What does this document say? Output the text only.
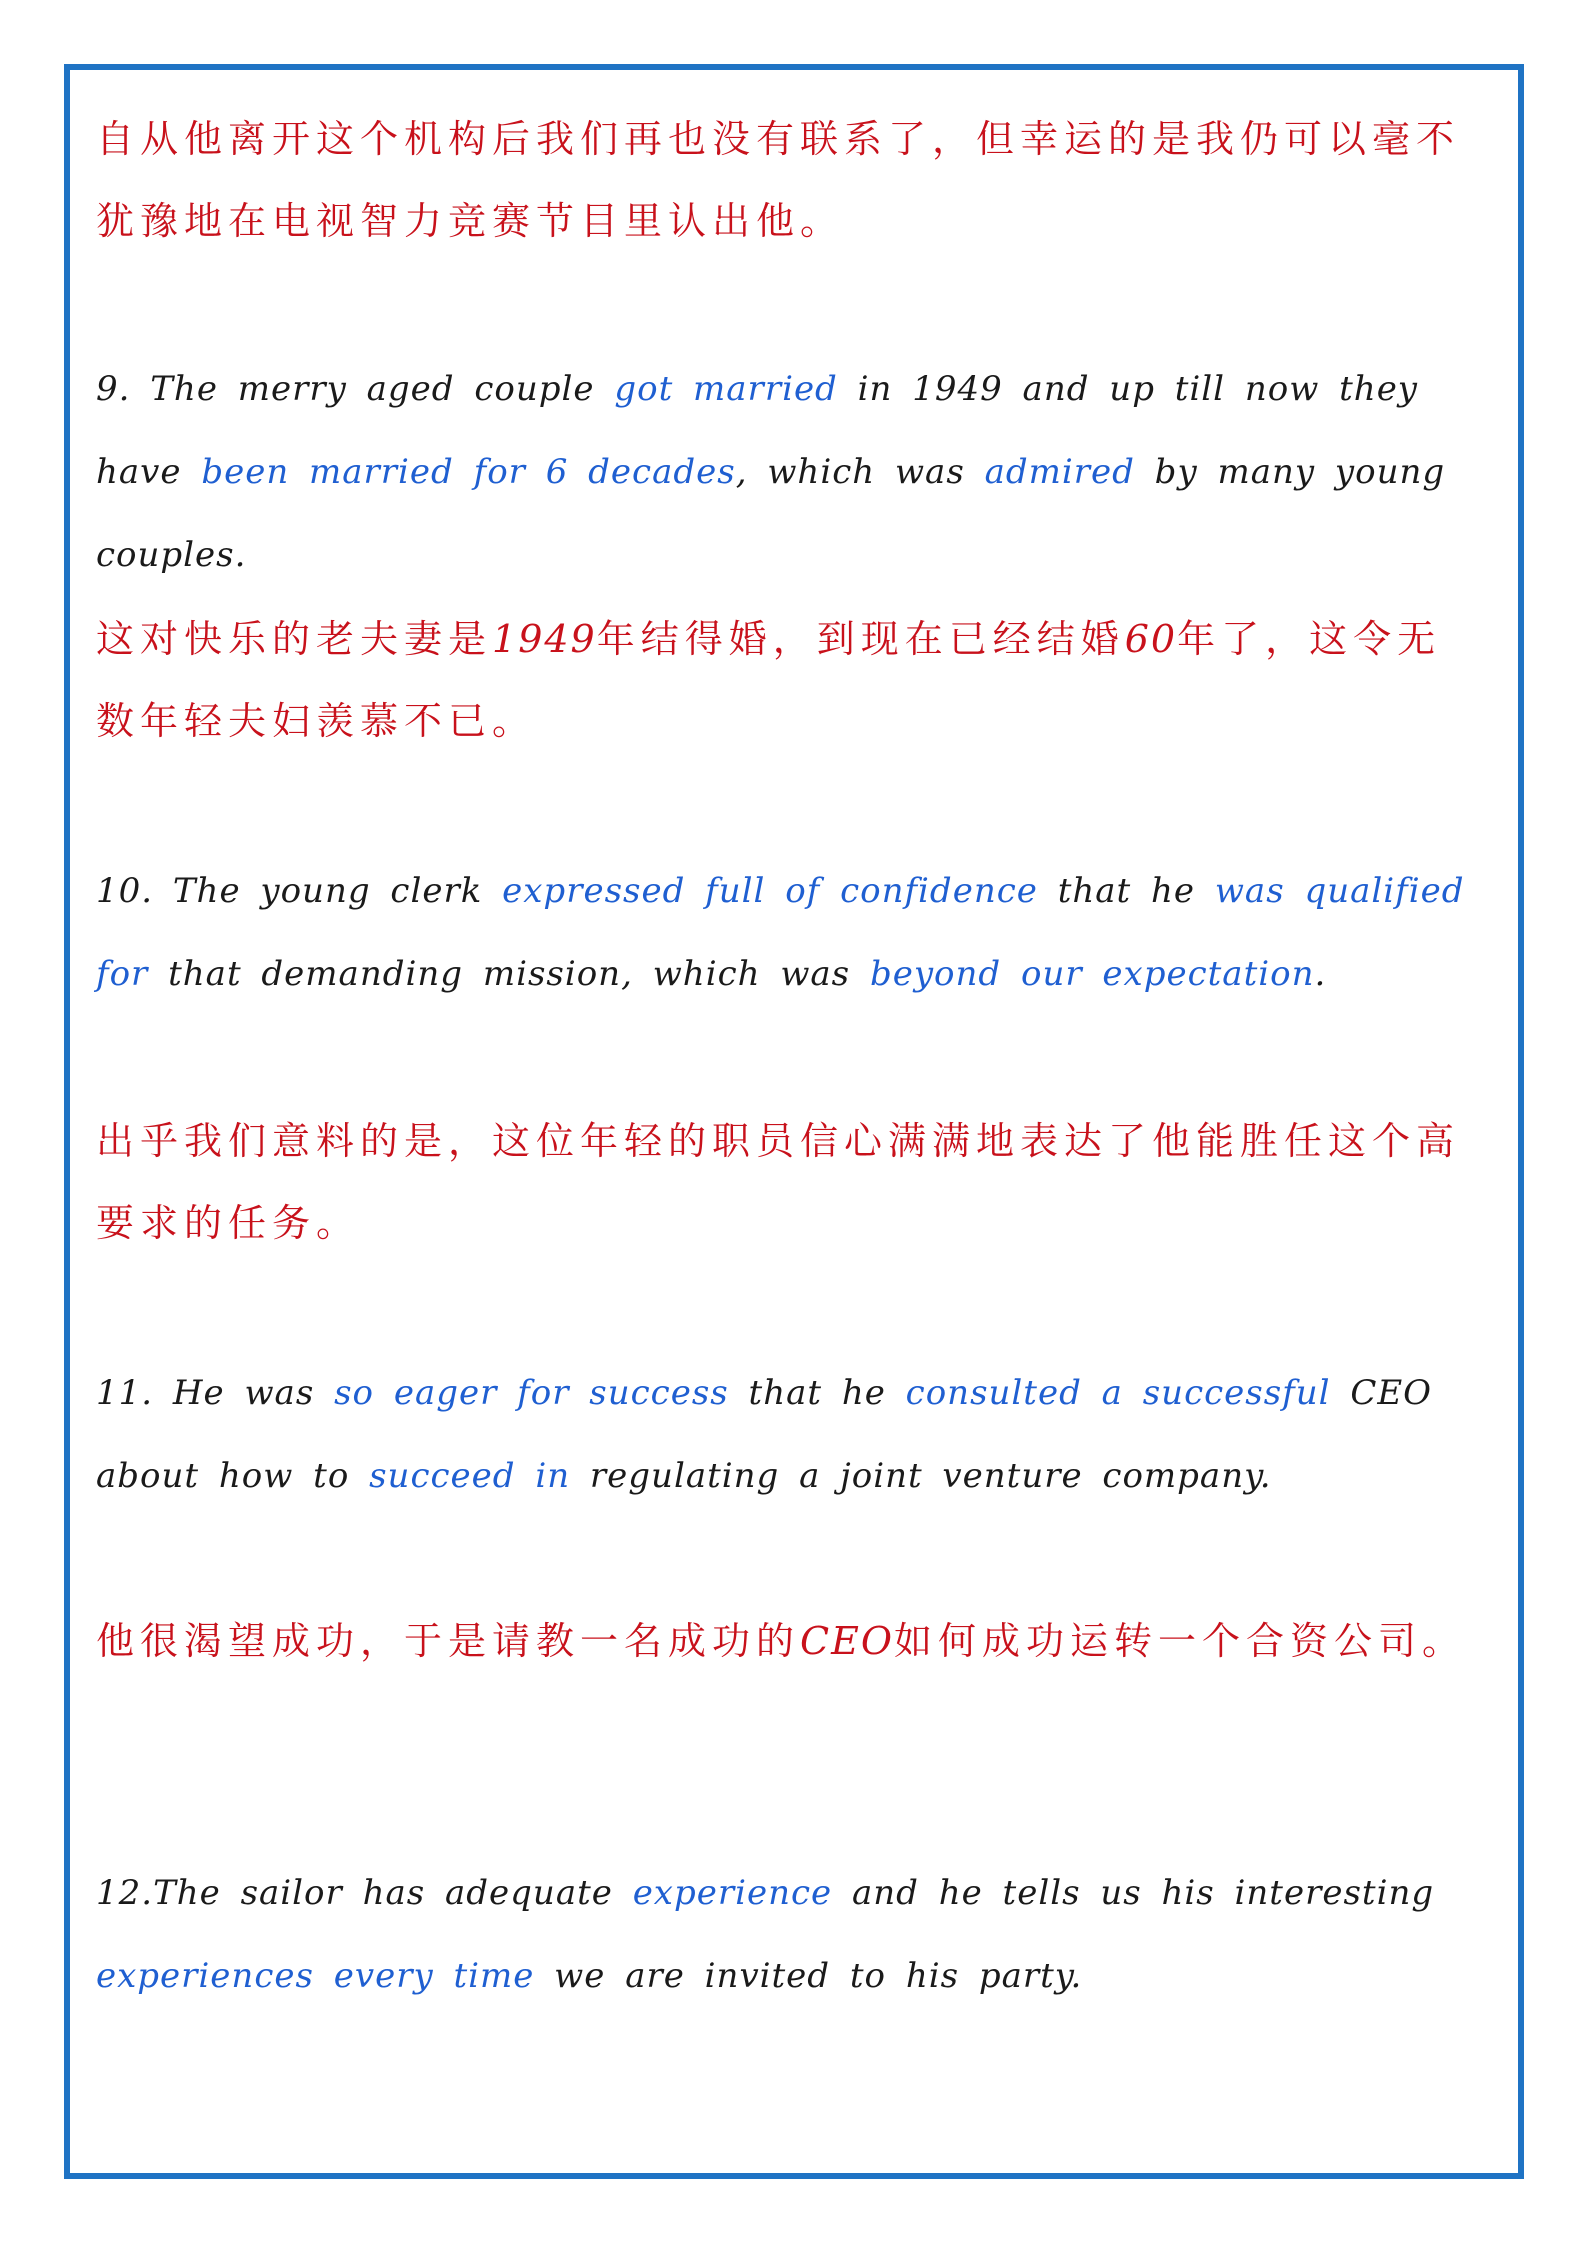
自从他离开这个机构后我们再也没有联系了，但幸运的是我仍可以毫不犹豫地在电视智力竞赛节目里认出他。

9. The merry aged couple got married in 1949 and up till now they have been married for 6 decades, which was admired by many young couples.

这对快乐的老夫妻是1949年结得婚，到现在已经结婚60年了，这令无数年轻夫妇羡慕不已。

10. The young clerk expressed full of confidence that he was qualified for that demanding mission, which was beyond our expectation.

出乎我们意料的是，这位年轻的职员信心满满地表达了他能胜任这个高要求的任务。

11. He was so eager for success that he consulted a successful CEO about how to succeed in regulating a joint venture company.

他很渴望成功，于是请教一名成功的CEO如何成功运转一个合资公司。

12.The sailor has adequate experience and he tells us his interesting experiences every time we are invited to his party.
